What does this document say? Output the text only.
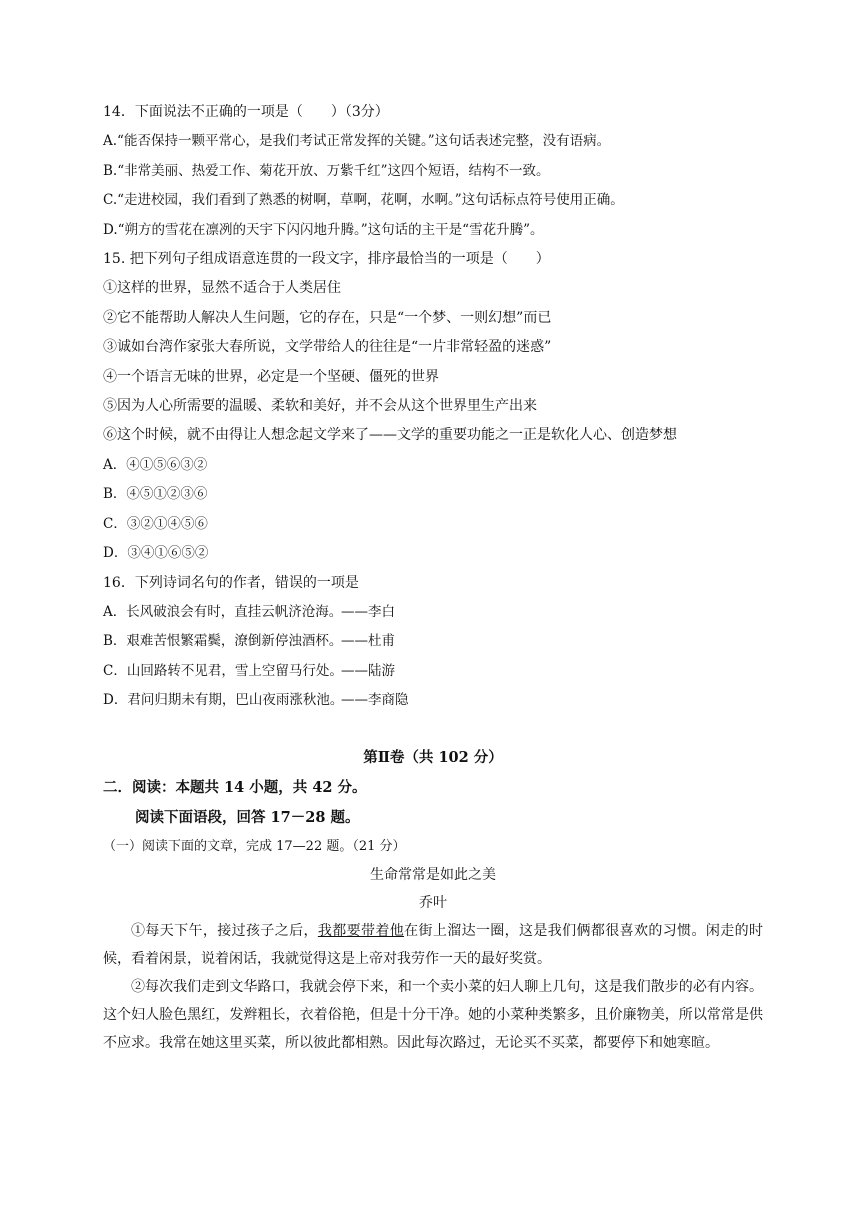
14．下面说法不正确的一项是（　　）（3分）
A.“能否保持一颗平常心，是我们考试正常发挥的关键。”这句话表述完整，没有语病。
B.“非常美丽、热爱工作、菊花开放、万紫千红”这四个短语，结构不一致。
C.“走进校园，我们看到了熟悉的树啊，草啊，花啊，水啊。”这句话标点符号使用正确。
D.“朔方的雪花在凛冽的天宇下闪闪地升腾。”这句话的主干是“雪花升腾”。
15. 把下列句子组成语意连贯的一段文字，排序最恰当的一项是（　　）
①这样的世界，显然不适合于人类居住
②它不能帮助人解决人生问题，它的存在，只是“一个梦、一则幻想”而已
③诚如台湾作家张大春所说，文学带给人的往往是“一片非常轻盈的迷惑”
④一个语言无味的世界，必定是一个坚硬、僵死的世界
⑤因为人心所需要的温暖、柔软和美好，并不会从这个世界里生产出来
⑥这个时候，就不由得让人想念起文学来了——文学的重要功能之一正是软化人心、创造梦想
A．④①⑤⑥③②
B．④⑤①②③⑥
C．③②①④⑤⑥
D．③④①⑥⑤②
16．下列诗词名句的作者，错误的一项是
A．长风破浪会有时，直挂云帆济沧海。——李白
B．艰难苦恨繁霜鬓，潦倒新停浊酒杯。——杜甫
C．山回路转不见君，雪上空留马行处。——陆游
D．君问归期未有期，巴山夜雨涨秋池。——李商隐
第Ⅱ卷（共 102 分）
二．阅读：本题共 14 小题，共 42 分。
阅读下面语段，回答 17－28 题。
（一）阅读下面的文章，完成 17—22 题。（21 分）
生命常常是如此之美
乔叶
①每天下午，接过孩子之后，我都要带着他在街上溜达一圈，这是我们俩都很喜欢的习惯。闲走的时候，看着闲景，说着闲话，我就觉得这是上帝对我劳作一天的最好奖赏。
②每次我们走到文华路口，我就会停下来，和一个卖小菜的妇人聊上几句，这是我们散步的必有内容。这个妇人脸色黑红，发辫粗长，衣着俗艳，但是十分干净。她的小菜种类繁多，且价廉物美，所以常常是供不应求。我常在她这里买菜，所以彼此都相熟。因此每次路过，无论买不买菜，都要停下和她寒暄。
